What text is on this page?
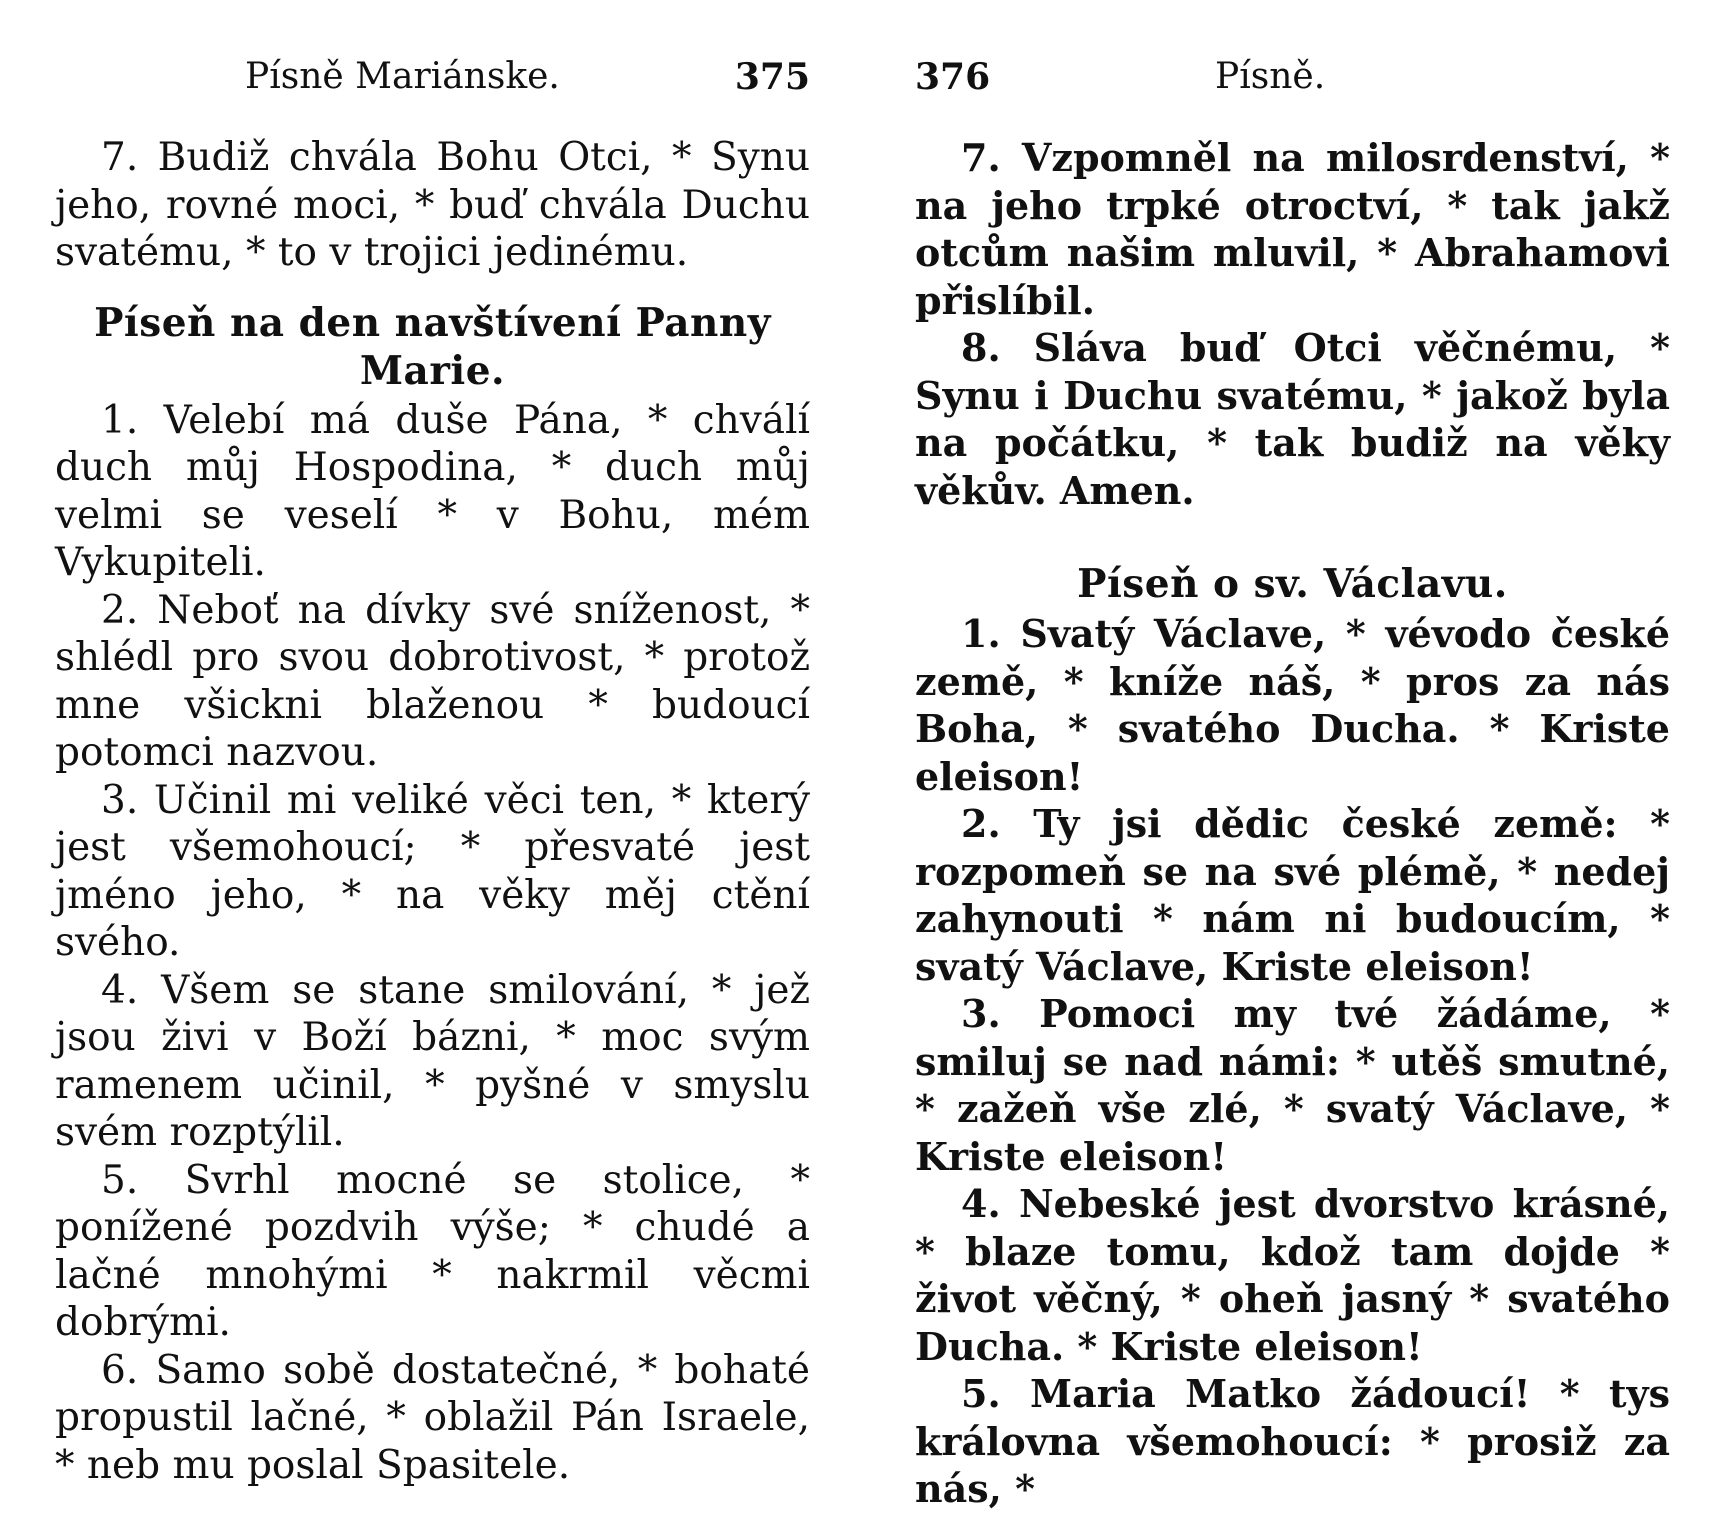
Písně Mariánske.	375

7. Budiž chvála Bohu Otci, * Synu jeho, rovné moci, * buď chvála Duchu svatému, * to v trojici jedinému.

Píseň na den navštívení Panny Marie.

1. Velebí má duše Pána, * chválí duch můj Hospodina, * duch můj velmi se veselí * v Bohu, mém Vykupiteli.

2. Neboť na dívky své sníženost, * shlédl pro svou dobrotivost, * protož mne všickni blaženou * budoucí potomci nazvou.

3. Učinil mi veliké věci ten, * který jest všemohoucí; * přesvaté jest jméno jeho, * na věky měj ctění svého.

4. Všem se stane smilování, * jež jsou živi v Boží bázni, * moc svým ramenem učinil, * pyšné v smyslu svém rozptýlil.

5. Svrhl mocné se stolice, * ponížené pozdvih výše; * chudé a lačné mnohými * nakrmil věcmi dobrými.

6. Samo sobě dostatečné, * bohaté propustil lačné, * oblažil Pán Israele, * neb mu poslal Spasitele.

376	Písně.

7. Vzpomněl na milosrdenství, * na jeho trpké otroctví, * tak jakž otcům našim mluvil, * Abrahamovi přislíbil.

8. Sláva buď Otci věčnému, * Synu i Duchu svatému, * jakož byla na počátku, * tak budiž na věky věkův. Amen.

Píseň o sv. Václavu.

1. Svatý Václave, * vévodo české země, * kníže náš, * pros za nás Boha, * svatého Ducha. * Kriste eleison!

2. Ty jsi dědic české země: * rozpomeň se na své plémě, * nedej zahynouti * nám ni budoucím, * svatý Václave, Kriste eleison!

3. Pomoci my tvé žádáme, * smiluj se nad námi: * utěš smutné, * zažeň vše zlé, * svatý Václave, * Kriste eleison!

4. Nebeské jest dvorstvo krásné, * blaze tomu, kdož tam dojde * život věčný, * oheň jasný * svatého Ducha. * Kriste eleison!

5. Maria Matko žádoucí! * tys královna všemohoucí: * prosiž za nás, *
